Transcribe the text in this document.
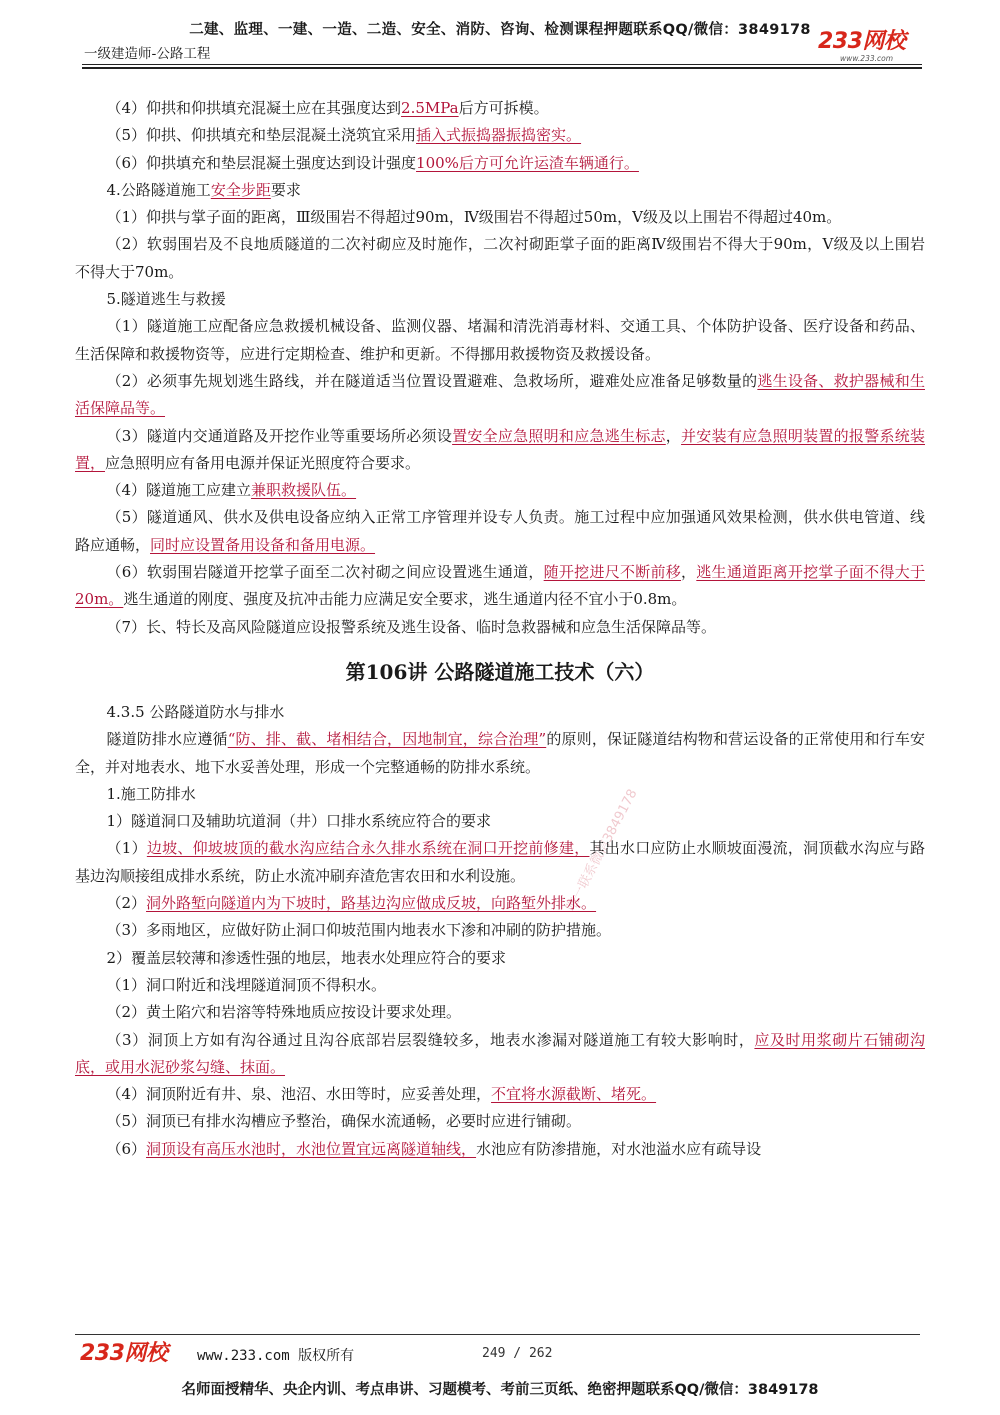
二建、监理、一建、一造、二造、安全、消防、咨询、检测课程押题联系QQ/微信：3849178
一级建造师-公路工程	233网校
www.233.com
唯一联系微信3849178

（4）仰拱和仰拱填充混凝土应在其强度达到2.5MPa后方可拆模。

（5）仰拱、仰拱填充和垫层混凝土浇筑宜采用插入式振捣器振捣密实。

（6）仰拱填充和垫层混凝土强度达到设计强度100%后方可允许运渣车辆通行。

4.公路隧道施工安全步距要求

（1）仰拱与掌子面的距离，Ⅲ级围岩不得超过90m，Ⅳ级围岩不得超过50m，Ⅴ级及以上围岩不得超过40m。

（2）软弱围岩及不良地质隧道的二次衬砌应及时施作，二次衬砌距掌子面的距离Ⅳ级围岩不得大于90m，Ⅴ级及以上围岩不得大于70m。

5.隧道逃生与救援

（1）隧道施工应配备应急救援机械设备、监测仪器、堵漏和清洗消毒材料、交通工具、个体防护设备、医疗设备和药品、生活保障和救援物资等，应进行定期检查、维护和更新。不得挪用救援物资及救援设备。

（2）必须事先规划逃生路线，并在隧道适当位置设置避难、急救场所，避难处应准备足够数量的逃生设备、救护器械和生活保障品等。

（3）隧道内交通道路及开挖作业等重要场所必须设置安全应急照明和应急逃生标志，并安装有应急照明装置的报警系统装置，应急照明应有备用电源并保证光照度符合要求。

（4）隧道施工应建立兼职救援队伍。

（5）隧道通风、供水及供电设备应纳入正常工序管理并设专人负责。施工过程中应加强通风效果检测，供水供电管道、线路应通畅，同时应设置备用设备和备用电源。

（6）软弱围岩隧道开挖掌子面至二次衬砌之间应设置逃生通道，随开挖进尺不断前移，逃生通道距离开挖掌子面不得大于20m。逃生通道的刚度、强度及抗冲击能力应满足安全要求，逃生通道内径不宜小于0.8m。

（7）长、特长及高风险隧道应设报警系统及逃生设备、临时急救器械和应急生活保障品等。

第106讲 公路隧道施工技术（六）

4.3.5 公路隧道防水与排水

隧道防排水应遵循“防、排、截、堵相结合，因地制宜，综合治理”的原则，保证隧道结构物和营运设备的正常使用和行车安全，并对地表水、地下水妥善处理，形成一个完整通畅的防排水系统。

1.施工防排水

1）隧道洞口及辅助坑道洞（井）口排水系统应符合的要求

（1）边坡、仰坡坡顶的截水沟应结合永久排水系统在洞口开挖前修建，其出水口应防止水顺坡面漫流，洞顶截水沟应与路基边沟顺接组成排水系统，防止水流冲刷弃渣危害农田和水利设施。

（2）洞外路堑向隧道内为下坡时，路基边沟应做成反坡，向路堑外排水。

（3）多雨地区，应做好防止洞口仰坡范围内地表水下渗和冲刷的防护措施。

2）覆盖层较薄和渗透性强的地层，地表水处理应符合的要求

（1）洞口附近和浅埋隧道洞顶不得积水。

（2）黄土陷穴和岩溶等特殊地质应按设计要求处理。

（3）洞顶上方如有沟谷通过且沟谷底部岩层裂缝较多，地表水渗漏对隧道施工有较大影响时，应及时用浆砌片石铺砌沟底，或用水泥砂浆勾缝、抹面。

（4）洞顶附近有井、泉、池沼、水田等时，应妥善处理，不宜将水源截断、堵死。

（5）洞顶已有排水沟槽应予整治，确保水流通畅，必要时应进行铺砌。

（6）洞顶设有高压水池时，水池位置宜远离隧道轴线，水池应有防渗措施，对水池溢水应有疏导设

233网校 www.233.com 版权所有	249 / 262
名师面授精华、央企内训、考点串讲、习题模考、考前三页纸、绝密押题联系QQ/微信：3849178
